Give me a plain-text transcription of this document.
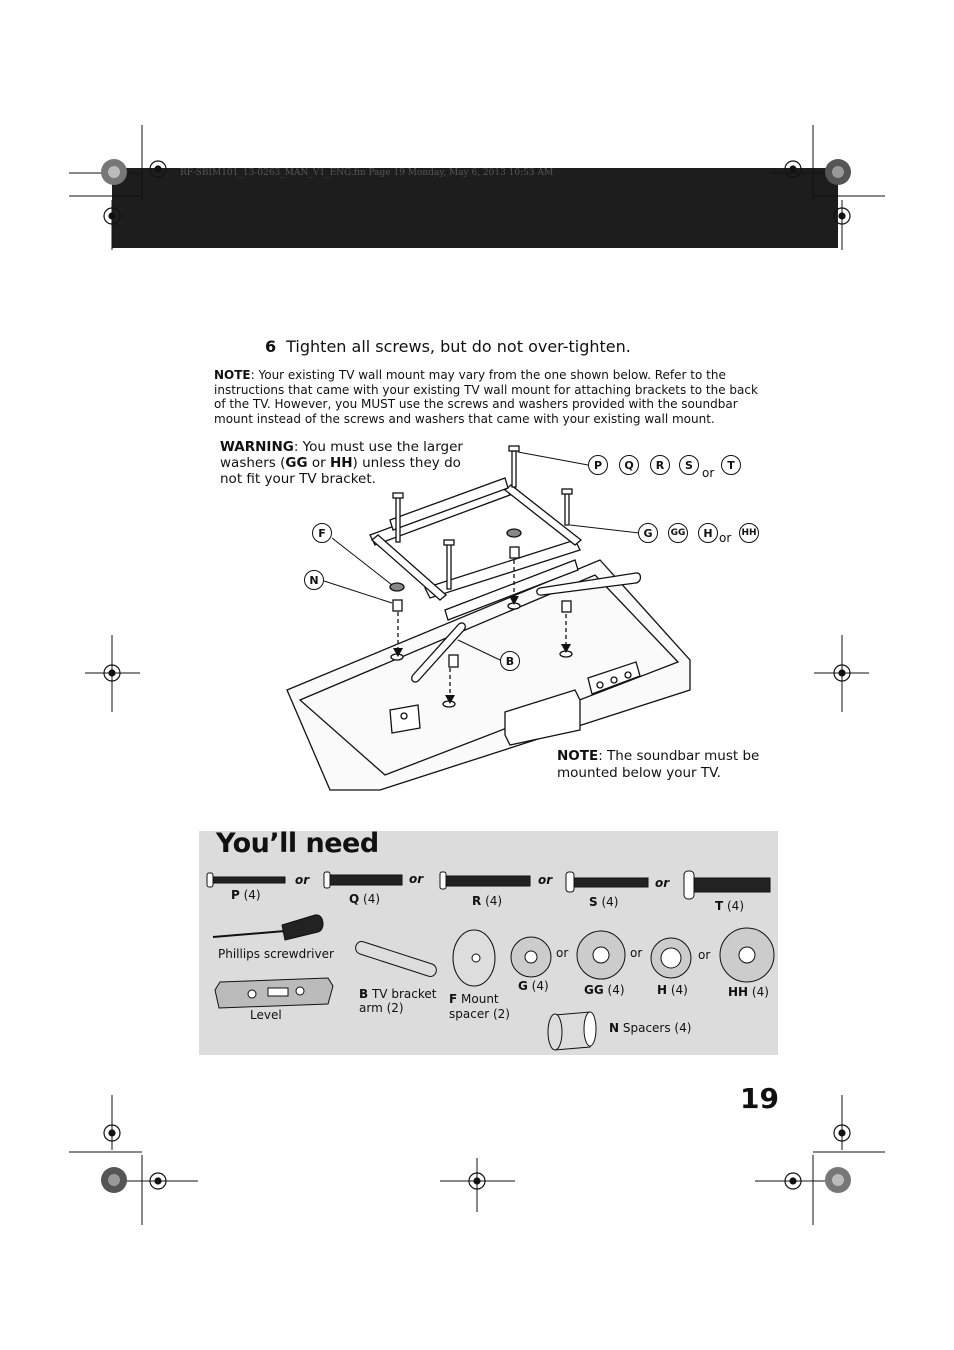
RF-SBIM101_13-0263_MAN_V1_ENG.fm Page 19 Monday, May 6, 2013 10:53 AM
6 Tighten all screws, but do not over-tighten.
NOTE: Your existing TV wall mount may vary from the one shown below. Refer to the instructions that came with your existing TV wall mount for attaching brackets to the back of the TV. However, you MUST use the screws and washers provided with the soundbar mount instead of the screws and washers that came with your existing wall mount.
WARNING: You must use the larger washers (GG or HH) unless they do not fit your TV bracket.
P	Q	R	S
or
T
G	GG	H or HH
F
N
B
NOTE: The soundbar must be mounted below your TV.
You’ll need
P (4)
or
Q (4)
or
R (4)
or
S (4)
or
T (4)
Phillips screwdriver
Level
B TV bracket
arm (2)
F Mount
spacer (2)
G (4)
or
GG (4)
or
H (4)
or
HH (4)
N Spacers (4)
19
